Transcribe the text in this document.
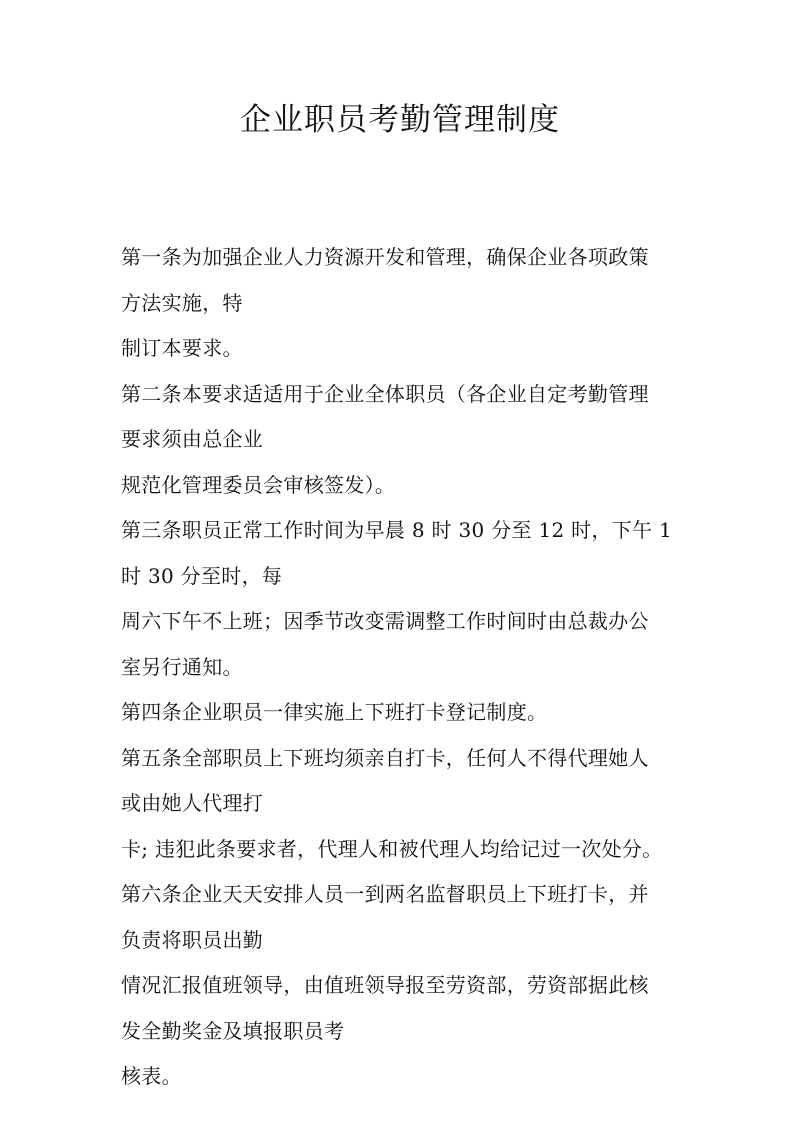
企业职员考勤管理制度
第一条为加强企业人力资源开发和管理，确保企业各项政策
方法实施，特
制订本要求。
第二条本要求适适用于企业全体职员（各企业自定考勤管理
要求须由总企业
规范化管理委员会审核签发）。
第三条职员正常工作时间为早晨 8 时 30 分至 12 时，下午 1
时 30 分至时，每
周六下午不上班；因季节改变需调整工作时间时由总裁办公
室另行通知。
第四条企业职员一律实施上下班打卡登记制度。
第五条全部职员上下班均须亲自打卡，任何人不得代理她人
或由她人代理打
卡; 违犯此条要求者，代理人和被代理人均给记过一次处分。
第六条企业天天安排人员一到两名监督职员上下班打卡，并
负责将职员出勤
情况汇报值班领导，由值班领导报至劳资部，劳资部据此核
发全勤奖金及填报职员考
核表。
